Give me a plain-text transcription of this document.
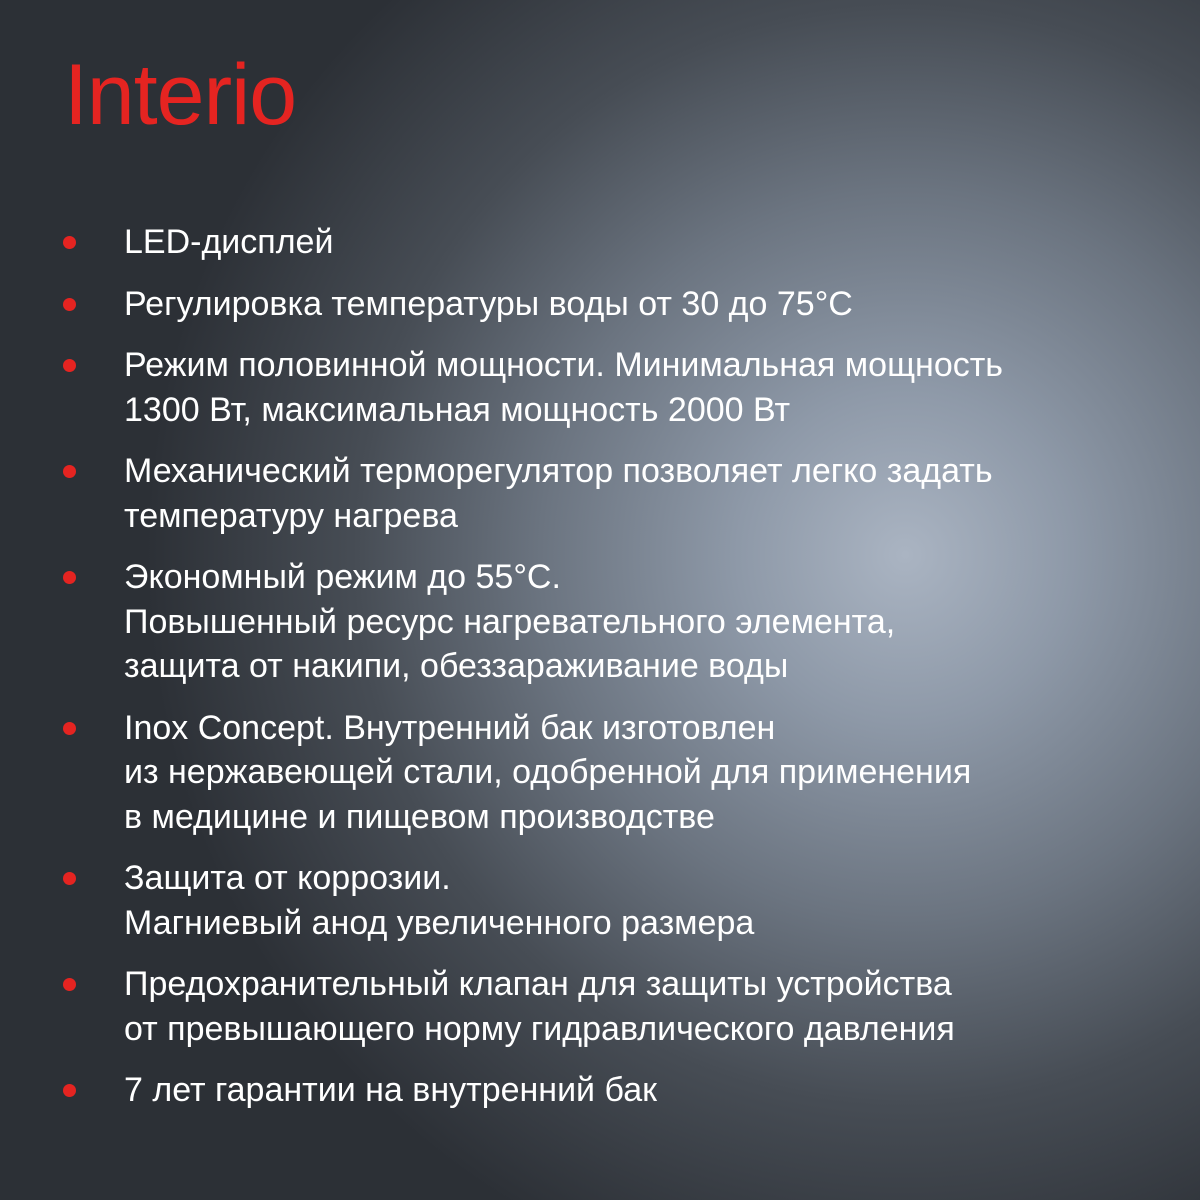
Interio
LED-дисплей
Регулировка температуры воды от 30 до 75°C
Режим половинной мощности. Минимальная мощность
1300 Вт, максимальная мощность 2000 Вт
Механический терморегулятор позволяет легко задать
температуру нагрева
Экономный режим до 55°C.
Повышенный ресурс нагревательного элемента,
защита от накипи, обеззараживание воды
Inox Concept. Внутренний бак изготовлен
из нержавеющей стали, одобренной для применения
в медицине и пищевом производстве
Защита от коррозии.
Магниевый анод увеличенного размера
Предохранительный клапан для защиты устройства
от превышающего норму гидравлического давления
7 лет гарантии на внутренний бак
